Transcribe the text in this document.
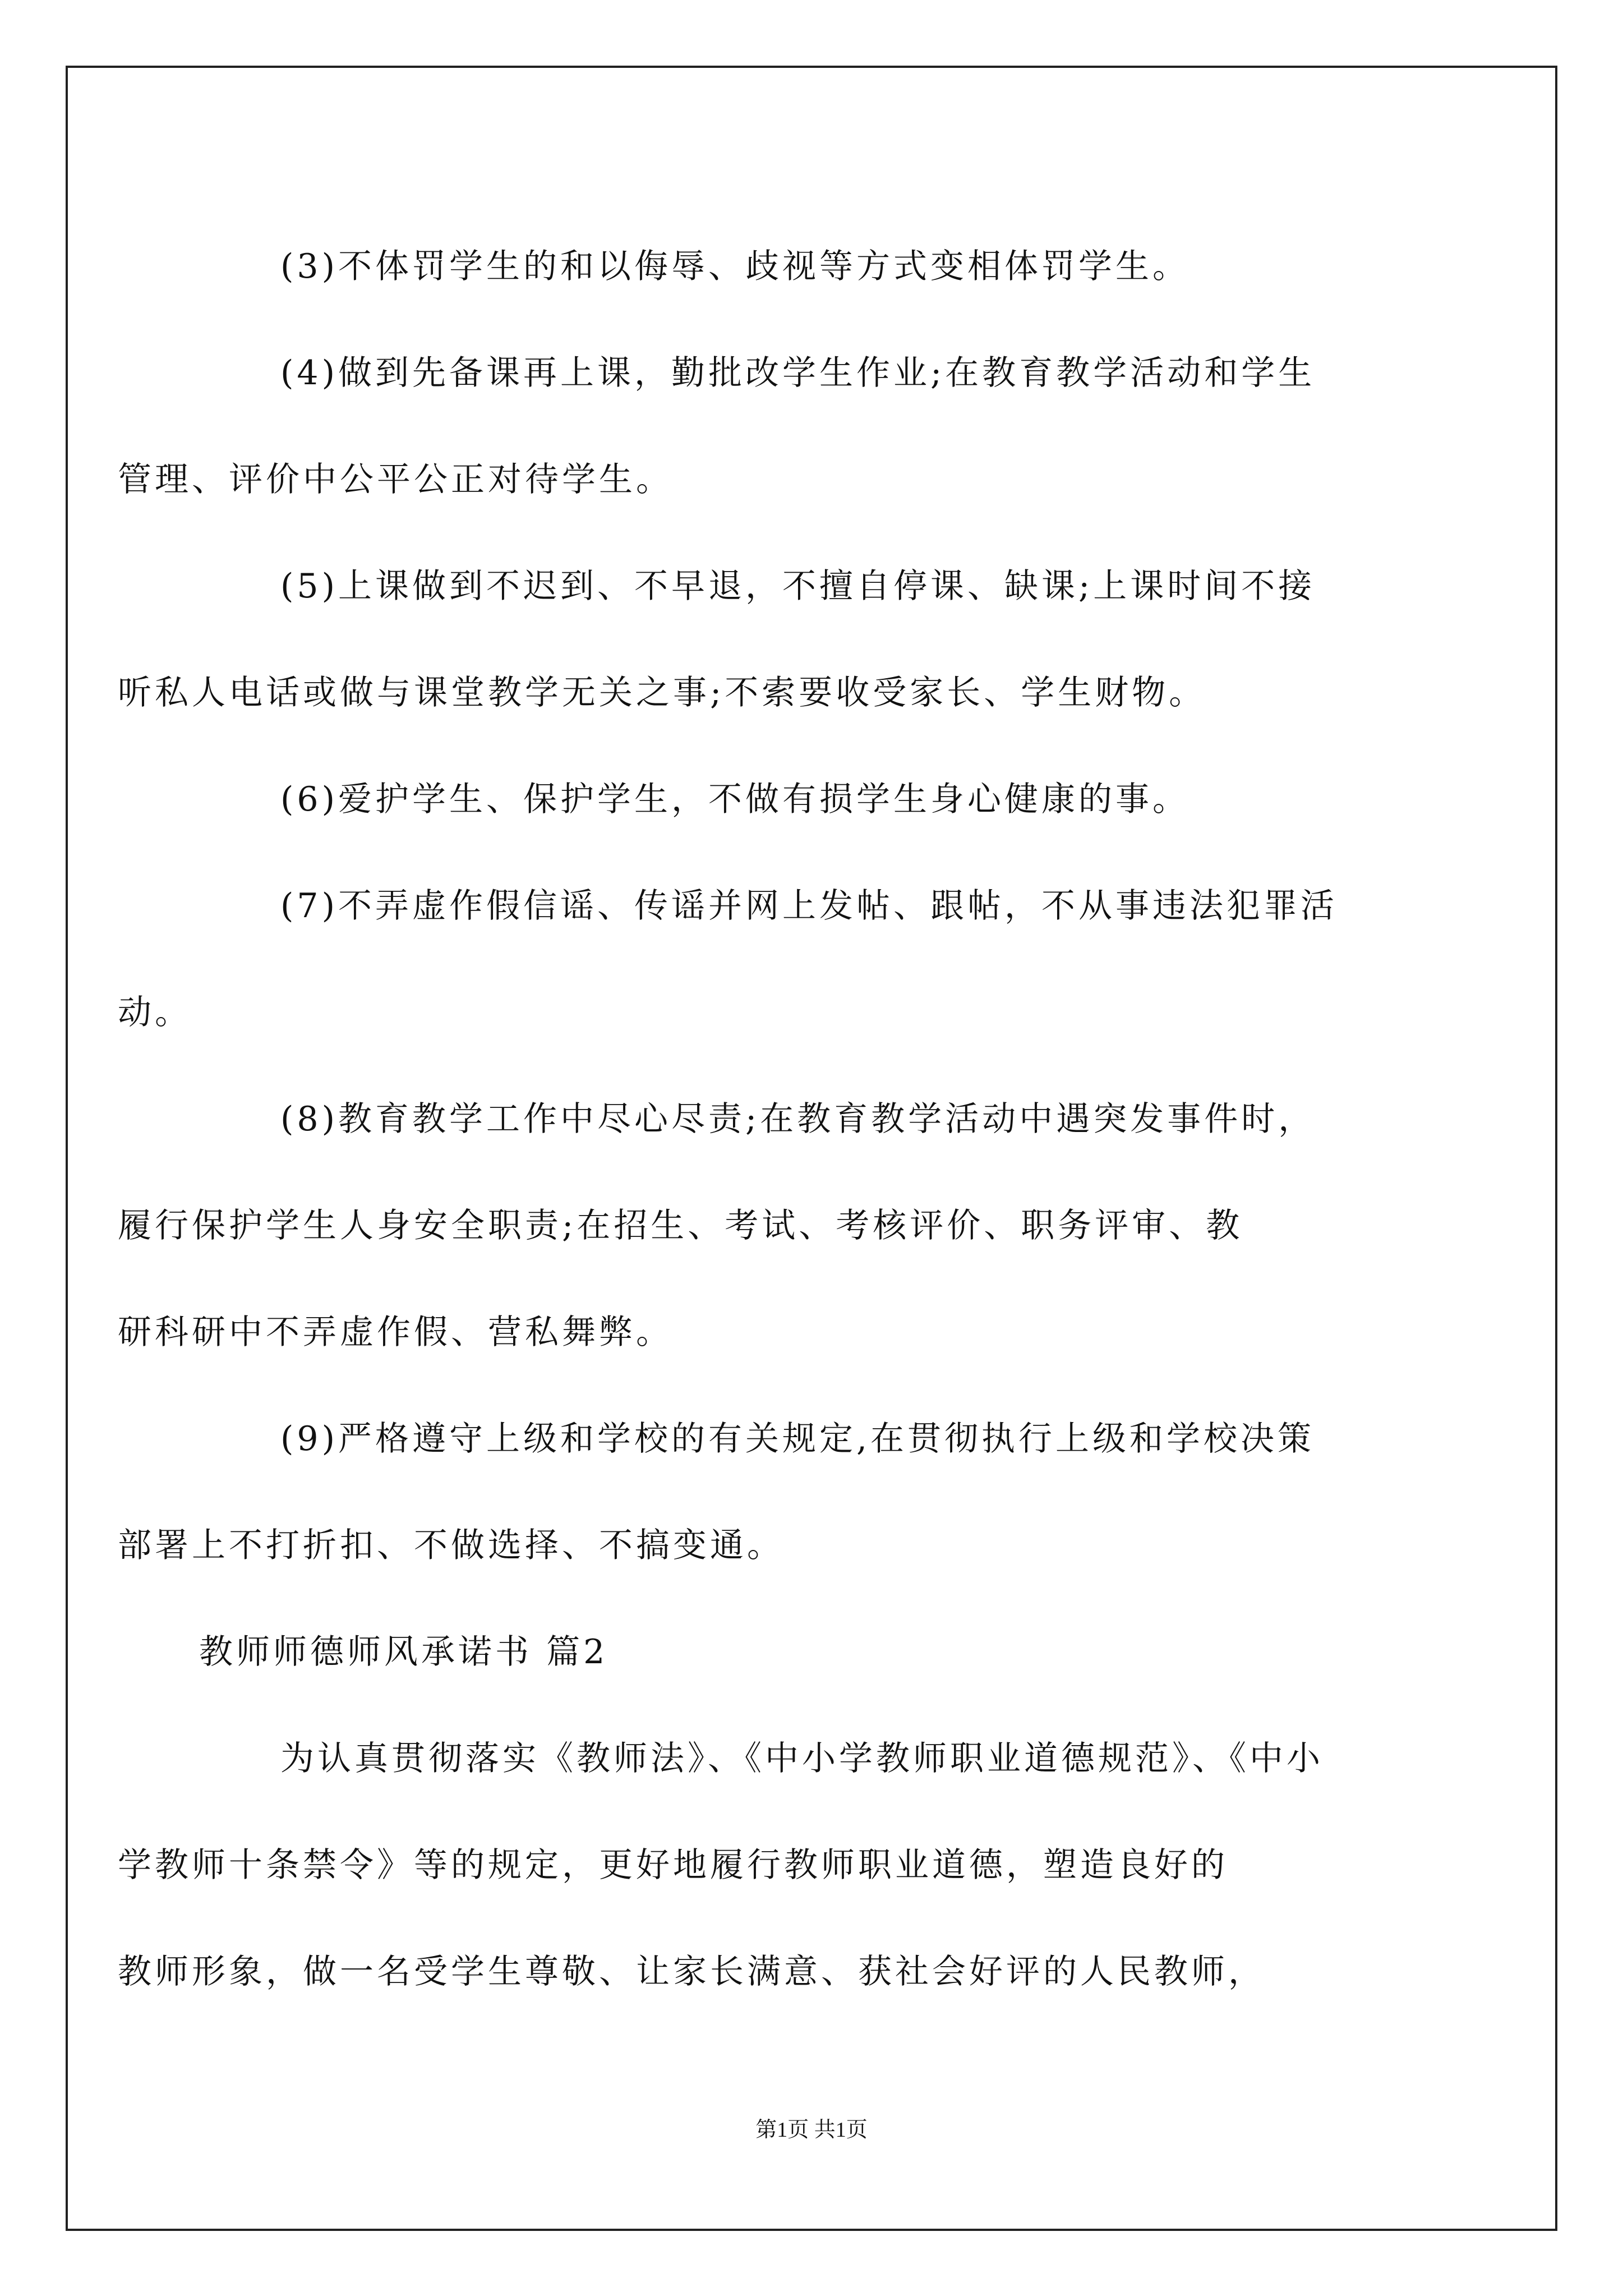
(3)不体罚学生的和以侮辱、歧视等方式变相体罚学生。

(4)做到先备课再上课，勤批改学生作业;在教育教学活动和学生
管理、评价中公平公正对待学生。

(5)上课做到不迟到、不早退，不擅自停课、缺课;上课时间不接
听私人电话或做与课堂教学无关之事;不索要收受家长、学生财物。

(6)爱护学生、保护学生，不做有损学生身心健康的事。

(7)不弄虚作假信谣、传谣并网上发帖、跟帖，不从事违法犯罪活
动。

(8)教育教学工作中尽心尽责;在教育教学活动中遇突发事件时，
履行保护学生人身安全职责;在招生、考试、考核评价、职务评审、教
研科研中不弄虚作假、营私舞弊。

(9)严格遵守上级和学校的有关规定,在贯彻执行上级和学校决策
部署上不打折扣、不做选择、不搞变通。

教师师德师风承诺书 篇2

为认真贯彻落实《教师法》、《中小学教师职业道德规范》、《中小
学教师十条禁令》等的规定，更好地履行教师职业道德，塑造良好的
教师形象，做一名受学生尊敬、让家长满意、获社会好评的人民教师，

第1页 共1页
